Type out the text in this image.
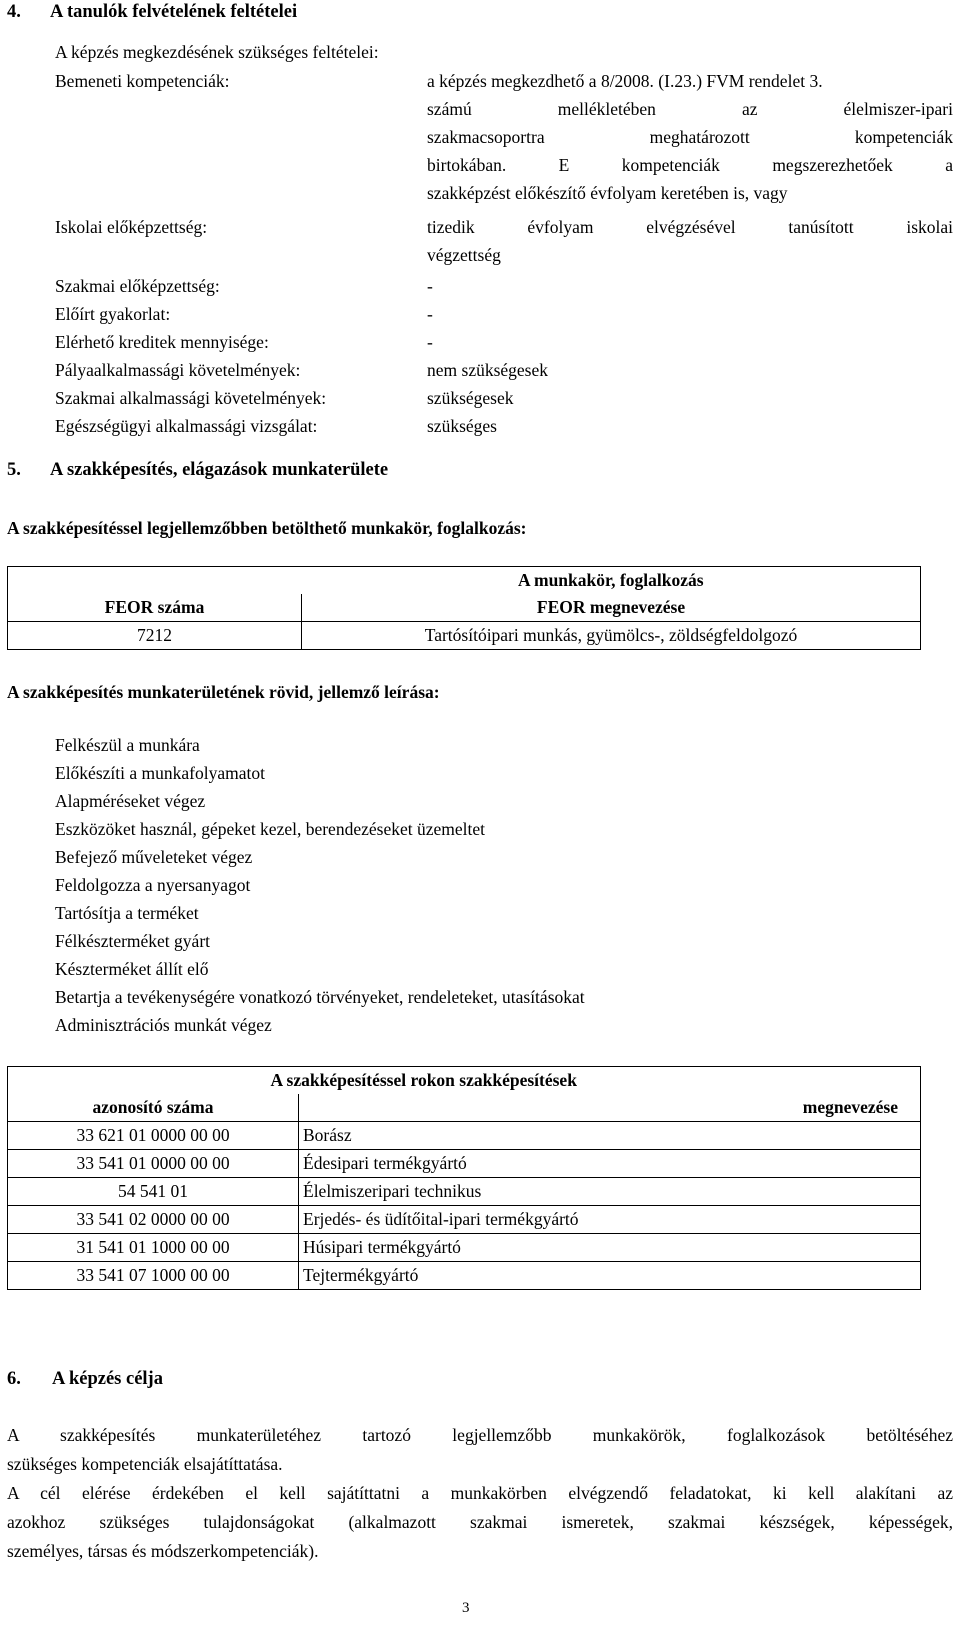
4. A tanulók felvételének feltételei
A képzés megkezdésének szükséges feltételei:
Bemeneti kompetenciák:	a képzés megkezdhető a 8/2008. (I.23.) FVM rendelet 3.
számú mellékletében az élelmiszer-ipari
szakmacsoportra meghatározott kompetenciák
birtokában. E kompetenciák megszerezhetőek a
szakképzést előkészítő évfolyam keretében is, vagy
Iskolai előképzettség:	tizedik évfolyam elvégzésével tanúsított iskolai
végzettség
Szakmai előképzettség:	-
Előírt gyakorlat:	-
Elérhető kreditek mennyisége:	-
Pályaalkalmassági követelmények:	nem szükségesek
Szakmai alkalmassági követelmények:	szükségesek
Egészségügyi alkalmassági vizsgálat:	szükséges
5. A szakképesítés, elágazások munkaterülete
A szakképesítéssel legjellemzőbben betölthető munkakör, foglalkozás:
	A munkakör, foglalkozás
FEOR száma	FEOR megnevezése
7212	Tartósítóipari munkás, gyümölcs-, zöldségfeldolgozó
A szakképesítés munkaterületének rövid, jellemző leírása:
Felkészül a munkára
Előkészíti a munkafolyamatot
Alapméréseket végez
Eszközöket használ, gépeket kezel, berendezéseket üzemeltet
Befejező műveleteket végez
Feldolgozza a nyersanyagot
Tartósítja a terméket
Félkészterméket gyárt
Készterméket állít elő
Betartja a tevékenységére vonatkozó törvényeket, rendeleteket, utasításokat
Adminisztrációs munkát végez
	A szakképesítéssel rokon szakképesítések
azonosító száma	megnevezése
33 621 01 0000 00 00	Borász
33 541 01 0000 00 00	Édesipari termékgyártó
54 541 01	Élelmiszeripari technikus
33 541 02 0000 00 00	Erjedés- és üdítőital-ipari termékgyártó
31 541 01 1000 00 00	Húsipari termékgyártó
33 541 07 1000 00 00	Tejtermékgyártó
6. A képzés célja
A szakképesítés munkaterületéhez tartozó legjellemzőbb munkakörök, foglalkozások betöltéséhez
szükséges kompetenciák elsajátíttatása.
A cél elérése érdekében el kell sajátíttatni a munkakörben elvégzendő feladatokat, ki kell alakítani az
azokhoz szükséges tulajdonságokat (alkalmazott szakmai ismeretek, szakmai készségek, képességek,
személyes, társas és módszerkompetenciák).
3
